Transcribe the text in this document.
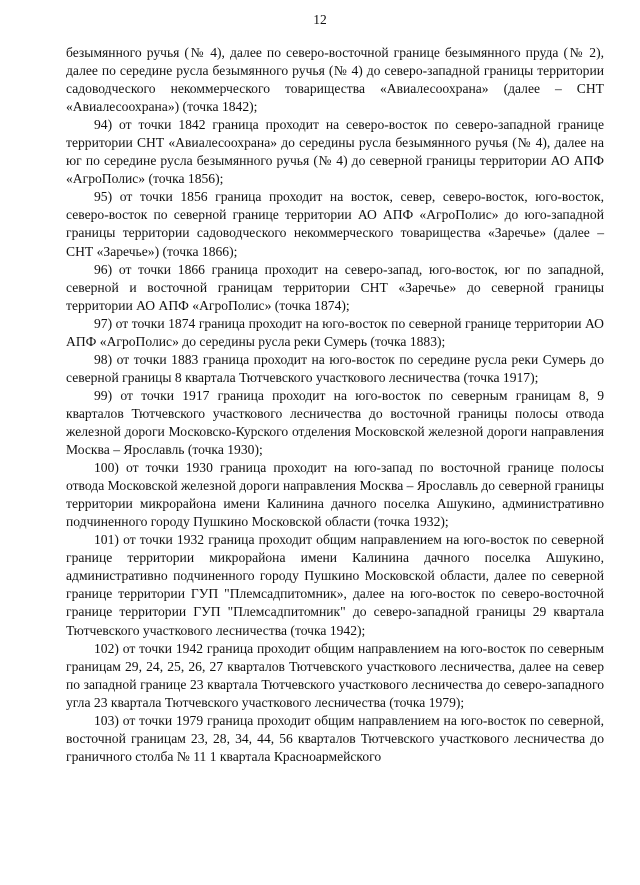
12

безымянного ручья (№ 4), далее по северо-восточной границе безымянного пруда (№ 2), далее по середине русла безымянного ручья (№ 4) до северо-западной границы территории садоводческого некоммерческого товарищества «Авиалесоохрана» (далее – СНТ «Авиалесоохрана») (точка 1842);

94) от точки 1842 граница проходит на северо-восток по северо-западной границе территории СНТ «Авиалесоохрана» до середины русла безымянного ручья (№ 4), далее на юг по середине русла безымянного ручья (№ 4) до северной границы территории АО АПФ «АгроПолис» (точка 1856);

95) от точки 1856 граница проходит на восток, север, северо-восток, юго-восток, северо-восток по северной границе территории АО АПФ «АгроПолис» до юго-западной границы территории садоводческого некоммерческого товарищества «Заречье» (далее – СНТ «Заречье») (точка 1866);

96) от точки 1866 граница проходит на северо-запад, юго-восток, юг по западной, северной и восточной границам территории СНТ «Заречье» до северной границы территории АО АПФ «АгроПолис» (точка 1874);

97) от точки 1874 граница проходит на юго-восток по северной границе территории АО АПФ «АгроПолис» до середины русла реки Сумерь (точка 1883);

98) от точки 1883 граница проходит на юго-восток по середине русла реки Сумерь до северной границы 8 квартала Тютчевского участкового лесничества (точка 1917);

99) от точки 1917 граница проходит на юго-восток по северным границам 8, 9 кварталов Тютчевского участкового лесничества до восточной границы полосы отвода железной дороги Московско-Курского отделения Московской железной дороги направления Москва – Ярославль (точка 1930);

100) от точки 1930 граница проходит на юго-запад по восточной границе полосы отвода Московской железной дороги направления Москва – Ярославль до северной границы территории микрорайона имени Калинина дачного поселка Ашукино, административно подчиненного городу Пушкино Московской области (точка 1932);

101) от точки 1932 граница проходит общим направлением на юго-восток по северной границе территории микрорайона имени Калинина дачного поселка Ашукино, административно подчиненного городу Пушкино Московской области, далее по северной границе территории ГУП "Племсадпитомник», далее на юго-восток по северо-восточной границе территории ГУП "Племсадпитомник" до северо-западной границы 29 квартала Тютчевского участкового лесничества (точка 1942);

102) от точки 1942 граница проходит общим направлением на юго-восток по северным границам 29, 24, 25, 26, 27 кварталов Тютчевского участкового лесничества, далее на север по западной границе 23 квартала Тютчевского участкового лесничества до северо-западного угла 23 квартала Тютчевского участкового лесничества (точка 1979);

103) от точки 1979 граница проходит общим направлением на юго-восток по северной, восточной границам 23, 28, 34, 44, 56 кварталов Тютчевского участкового лесничества до граничного столба № 11 1 квартала Красноармейского
